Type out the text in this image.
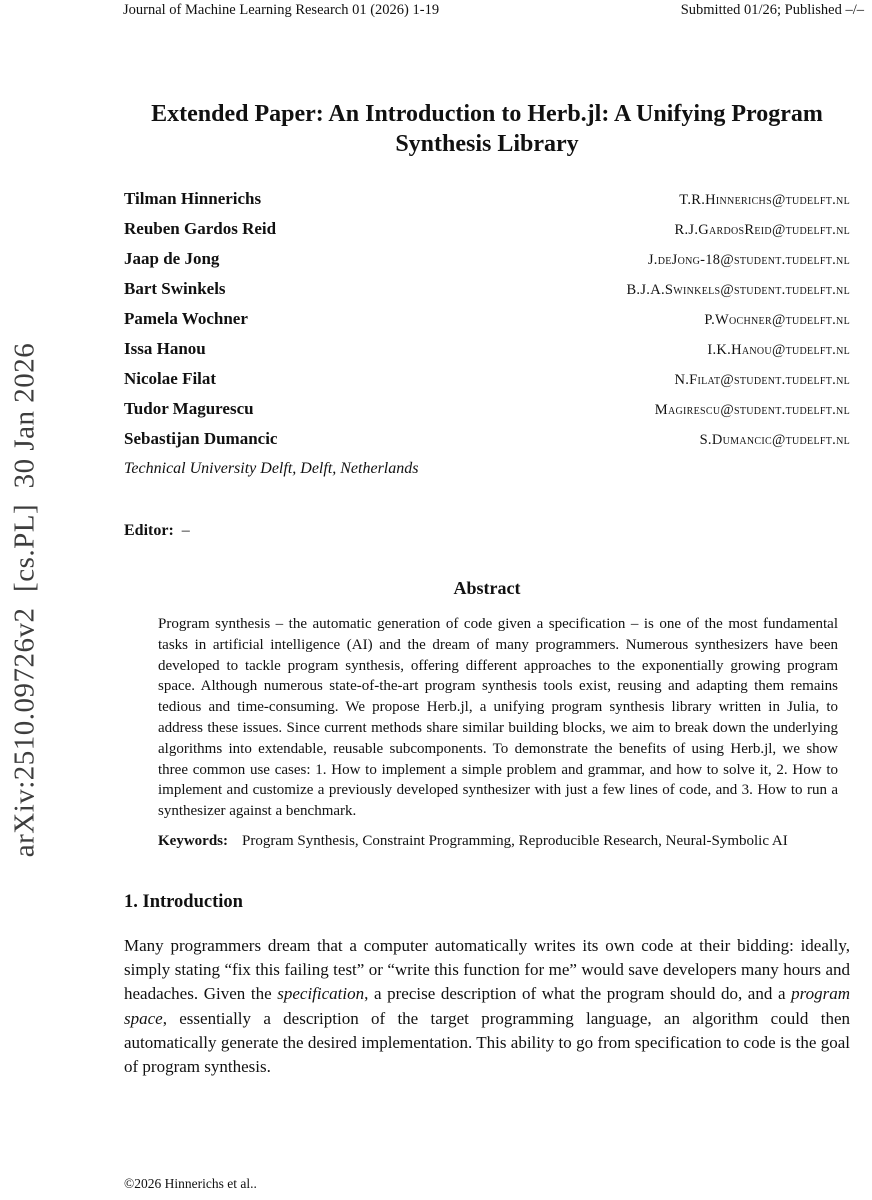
Journal of Machine Learning Research 01 (2026) 1-19	Submitted 01/26; Published –/–
arXiv:2510.09726v2  [cs.PL]  30 Jan 2026
Extended Paper: An Introduction to Herb.jl: A Unifying Program Synthesis Library
Tilman Hinnerichs	T.R.Hinnerichs@tudelft.nl
Reuben Gardos Reid	R.J.GardosReid@tudelft.nl
Jaap de Jong	J.deJong-18@student.tudelft.nl
Bart Swinkels	B.J.A.Swinkels@student.tudelft.nl
Pamela Wochner	P.Wochner@tudelft.nl
Issa Hanou	I.K.Hanou@tudelft.nl
Nicolae Filat	N.Filat@student.tudelft.nl
Tudor Magurescu	Magirescu@student.tudelft.nl
Sebastijan Dumancic	S.Dumancic@tudelft.nl
Technical University Delft, Delft, Netherlands
Editor: –
Abstract
Program synthesis – the automatic generation of code given a specification – is one of the most fundamental tasks in artificial intelligence (AI) and the dream of many programmers. Numerous synthesizers have been developed to tackle program synthesis, offering different approaches to the exponentially growing program space. Although numerous state-of-the-art program synthesis tools exist, reusing and adapting them remains tedious and time-consuming. We propose Herb.jl, a unifying program synthesis library written in Julia, to address these issues. Since current methods share similar building blocks, we aim to break down the underlying algorithms into extendable, reusable subcomponents. To demonstrate the benefits of using Herb.jl, we show three common use cases: 1. How to implement a simple problem and grammar, and how to solve it, 2. How to implement and customize a previously developed synthesizer with just a few lines of code, and 3. How to run a synthesizer against a benchmark.
Keywords: Program Synthesis, Constraint Programming, Reproducible Research, Neural-Symbolic AI
1. Introduction
Many programmers dream that a computer automatically writes its own code at their bidding: ideally, simply stating “fix this failing test” or “write this function for me” would save developers many hours and headaches. Given the specification, a precise description of what the program should do, and a program space, essentially a description of the target programming language, an algorithm could then automatically generate the desired implementation. This ability to go from specification to code is the goal of program synthesis.
©2026 Hinnerichs et al..
